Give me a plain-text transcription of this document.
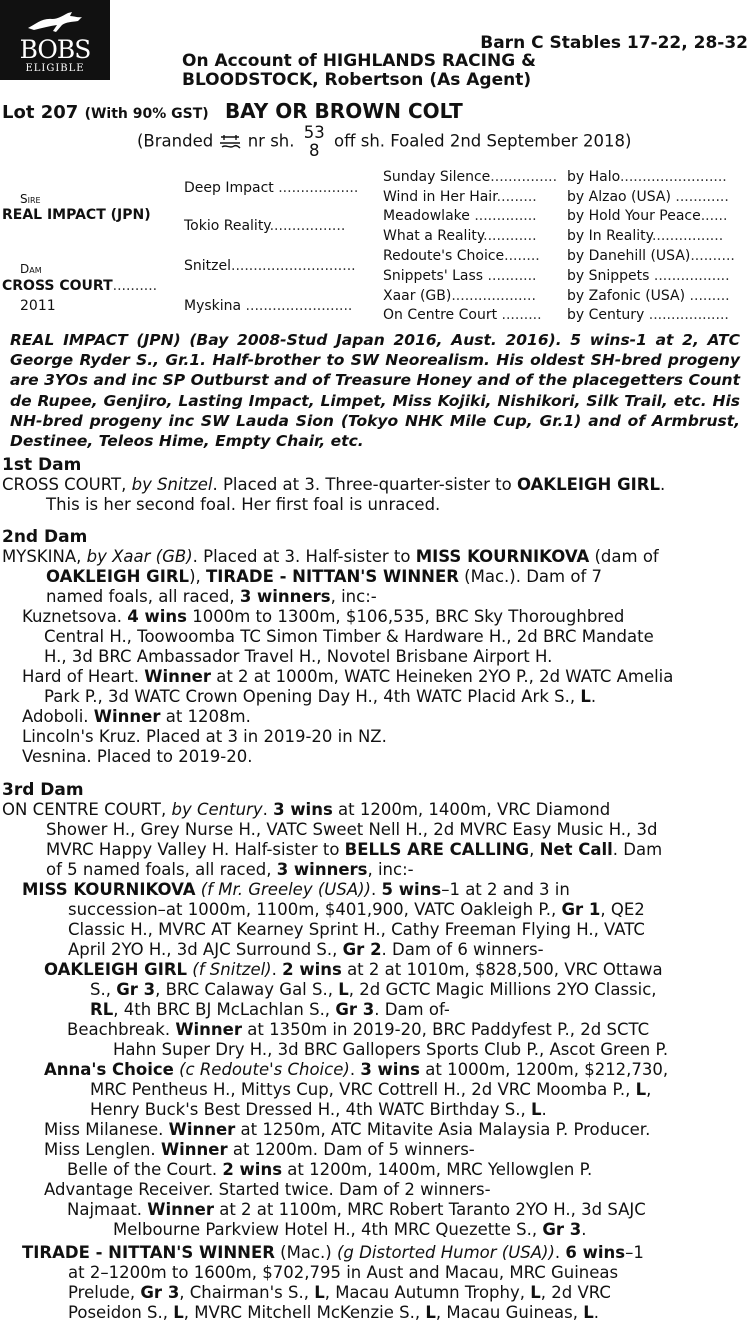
BOBS
ELIGIBLE
Barn C Stables 17-22, 28-32
On Account of HIGHLANDS RACING &
BLOODSTOCK, Robertson (As Agent)
Lot 207 (With 90% GST) BAY OR BROWN COLT
(Branded nr sh. 53
8 off sh. Foaled 2nd September 2018)
Sire
REAL IMPACT (JPN)
Dam
CROSS COURT..........
2011
Deep Impact ..................
Tokio Reality.................
Snitzel............................
Myskina ........................
Sunday Silence...............
Wind in Her Hair.........
Meadowlake ..............
What a Reality............
Redoute's Choice........
Snippets' Lass ...........
Xaar (GB)...................
On Centre Court .........
by Halo........................
by Alzao (USA) ............
by Hold Your Peace......
by In Reality................
by Danehill (USA)..........
by Snippets .................
by Zafonic (USA) .........
by Century ..................
REAL IMPACT (JPN) (Bay 2008-Stud Japan 2016, Aust. 2016). 5 wins-1 at 2, ATC George Ryder S., Gr.1. Half-brother to SW Neorealism. His oldest SH-bred progeny are 3YOs and inc SP Outburst and of Treasure Honey and of the placegetters Count de Rupee, Genjiro, Lasting Impact, Limpet, Miss Kojiki, Nishikori, Silk Trail, etc. His NH-bred progeny inc SW Lauda Sion (Tokyo NHK Mile Cup, Gr.1) and of Armbrust, Destinee, Teleos Hime, Empty Chair, etc.
1st Dam
CROSS COURT, by Snitzel. Placed at 3. Three-quarter-sister to OAKLEIGH GIRL.
This is her second foal. Her first foal is unraced.
2nd Dam
MYSKINA, by Xaar (GB). Placed at 3. Half-sister to MISS KOURNIKOVA (dam of
OAKLEIGH GIRL), TIRADE - NITTAN'S WINNER (Mac.). Dam of 7
named foals, all raced, 3 winners, inc:-
Kuznetsova. 4 wins 1000m to 1300m, $106,535, BRC Sky Thoroughbred
Central H., Toowoomba TC Simon Timber & Hardware H., 2d BRC Mandate
H., 3d BRC Ambassador Travel H., Novotel Brisbane Airport H.
Hard of Heart. Winner at 2 at 1000m, WATC Heineken 2YO P., 2d WATC Amelia
Park P., 3d WATC Crown Opening Day H., 4th WATC Placid Ark S., L.
Adoboli. Winner at 1208m.
Lincoln's Kruz. Placed at 3 in 2019-20 in NZ.
Vesnina. Placed to 2019-20.
3rd Dam
ON CENTRE COURT, by Century. 3 wins at 1200m, 1400m, VRC Diamond
Shower H., Grey Nurse H., VATC Sweet Nell H., 2d MVRC Easy Music H., 3d
MVRC Happy Valley H. Half-sister to BELLS ARE CALLING, Net Call. Dam
of 5 named foals, all raced, 3 winners, inc:-
MISS KOURNIKOVA (f Mr. Greeley (USA)). 5 wins–1 at 2 and 3 in
succession–at 1000m, 1100m, $401,900, VATC Oakleigh P., Gr 1, QE2
Classic H., MVRC AT Kearney Sprint H., Cathy Freeman Flying H., VATC
April 2YO H., 3d AJC Surround S., Gr 2. Dam of 6 winners-
OAKLEIGH GIRL (f Snitzel). 2 wins at 2 at 1010m, $828,500, VRC Ottawa
S., Gr 3, BRC Calaway Gal S., L, 2d GCTC Magic Millions 2YO Classic,
RL, 4th BRC BJ McLachlan S., Gr 3. Dam of-
Beachbreak. Winner at 1350m in 2019-20, BRC Paddyfest P., 2d SCTC
Hahn Super Dry H., 3d BRC Gallopers Sports Club P., Ascot Green P.
Anna's Choice (c Redoute's Choice). 3 wins at 1000m, 1200m, $212,730,
MRC Pentheus H., Mittys Cup, VRC Cottrell H., 2d VRC Moomba P., L,
Henry Buck's Best Dressed H., 4th WATC Birthday S., L.
Miss Milanese. Winner at 1250m, ATC Mitavite Asia Malaysia P. Producer.
Miss Lenglen. Winner at 1200m. Dam of 5 winners-
Belle of the Court. 2 wins at 1200m, 1400m, MRC Yellowglen P.
Advantage Receiver. Started twice. Dam of 2 winners-
Najmaat. Winner at 2 at 1100m, MRC Robert Taranto 2YO H., 3d SAJC
Melbourne Parkview Hotel H., 4th MRC Quezette S., Gr 3.
TIRADE - NITTAN'S WINNER (Mac.) (g Distorted Humor (USA)). 6 wins–1
at 2–1200m to 1600m, $702,795 in Aust and Macau, MRC Guineas
Prelude, Gr 3, Chairman's S., L, Macau Autumn Trophy, L, 2d VRC
Poseidon S., L, MVRC Mitchell McKenzie S., L, Macau Guineas, L.
